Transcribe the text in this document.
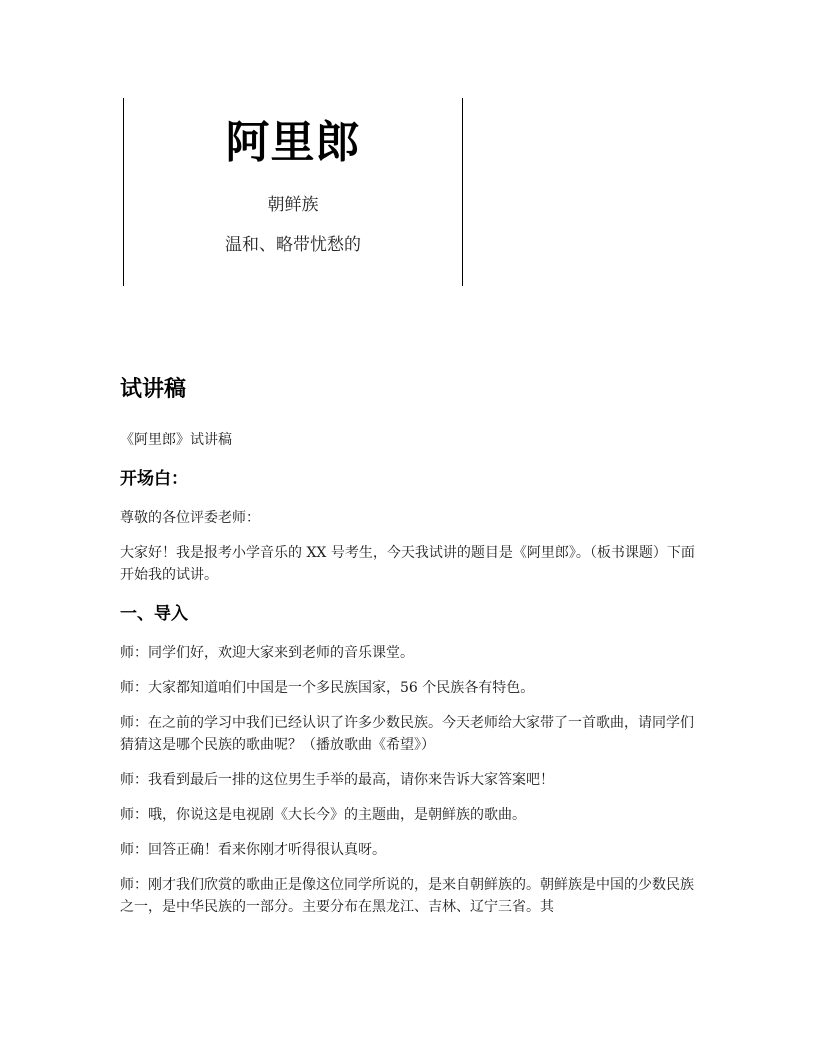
阿里郎
朝鲜族
温和、略带忧愁的
试讲稿

《阿里郎》试讲稿

开场白：

尊敬的各位评委老师：

大家好！我是报考小学音乐的 XX 号考生，今天我试讲的题目是《阿里郎》。（板书课题）下面开始我的试讲。

一、导入

师：同学们好，欢迎大家来到老师的音乐课堂。

师：大家都知道咱们中国是一个多民族国家，56 个民族各有特色。

师：在之前的学习中我们已经认识了许多少数民族。今天老师给大家带了一首歌曲，请同学们猜猜这是哪个民族的歌曲呢？（播放歌曲《希望》）

师：我看到最后一排的这位男生手举的最高，请你来告诉大家答案吧！

师：哦，你说这是电视剧《大长今》的主题曲，是朝鲜族的歌曲。

师：回答正确！看来你刚才听得很认真呀。

师：刚才我们欣赏的歌曲正是像这位同学所说的，是来自朝鲜族的。朝鲜族是中国的少数民族之一，是中华民族的一部分。主要分布在黑龙江、吉林、辽宁三省。其
